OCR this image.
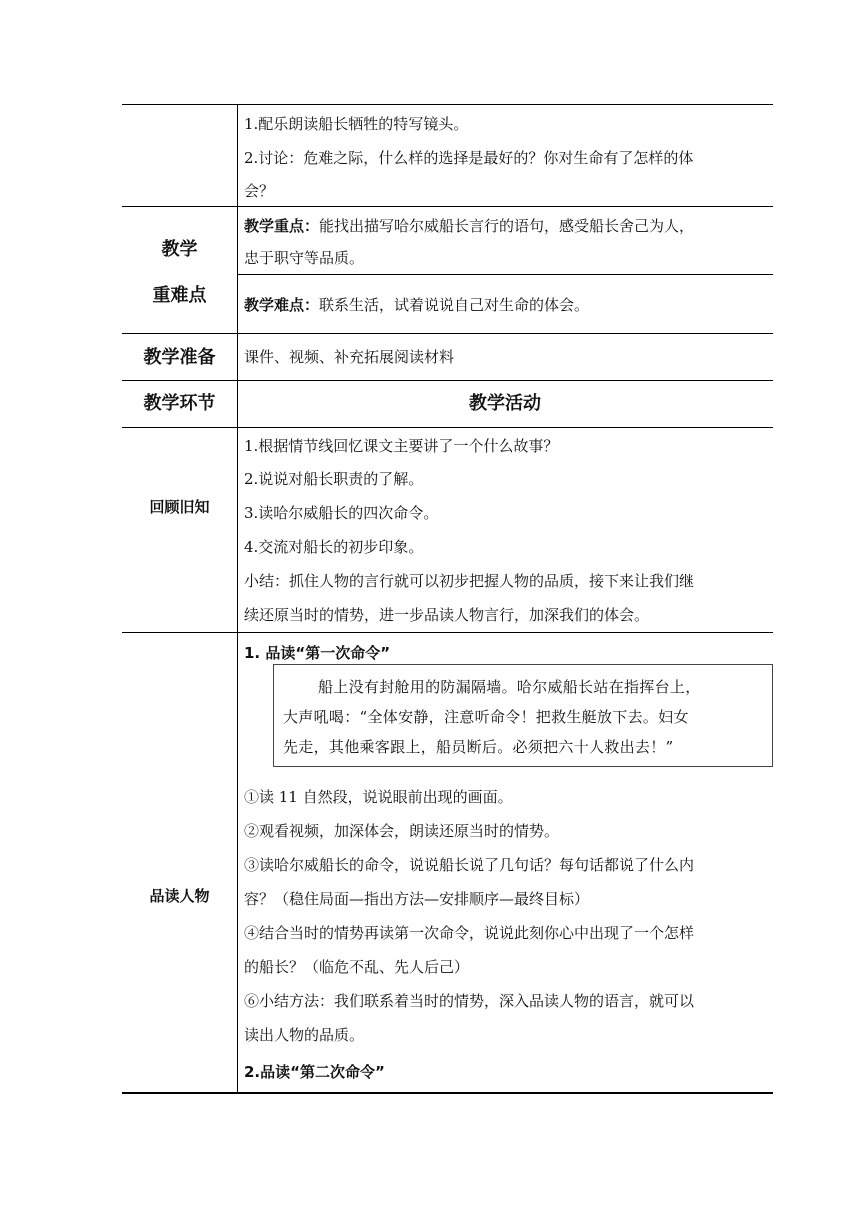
1.配乐朗读船长牺牲的特写镜头。
2.讨论：危难之际，什么样的选择是最好的？你对生命有了怎样的体
会？
教学
重难点
教学重点：能找出描写哈尔威船长言行的语句，感受船长舍己为人，
忠于职守等品质。
教学难点：联系生活，试着说说自己对生命的体会。
教学准备	课件、视频、补充拓展阅读材料
教学环节	教学活动
回顾旧知
1.根据情节线回忆课文主要讲了一个什么故事？
2.说说对船长职责的了解。
3.读哈尔威船长的四次命令。
4.交流对船长的初步印象。
小结：抓住人物的言行就可以初步把握人物的品质，接下来让我们继
续还原当时的情势，进一步品读人物言行，加深我们的体会。
品读人物
1. 品读“第一次命令”
船上没有封舱用的防漏隔墙。哈尔威船长站在指挥台上，
大声吼喝：“全体安静，注意听命令！把救生艇放下去。妇女
先走，其他乘客跟上，船员断后。必须把六十人救出去！”
①读 11 自然段，说说眼前出现的画面。
②观看视频，加深体会，朗读还原当时的情势。
③读哈尔威船长的命令，说说船长说了几句话？每句话都说了什么内
容？（稳住局面—指出方法—安排顺序—最终目标）
④结合当时的情势再读第一次命令，说说此刻你心中出现了一个怎样
的船长？（临危不乱、先人后己）
⑥小结方法：我们联系着当时的情势，深入品读人物的语言，就可以
读出人物的品质。
2.品读“第二次命令”
